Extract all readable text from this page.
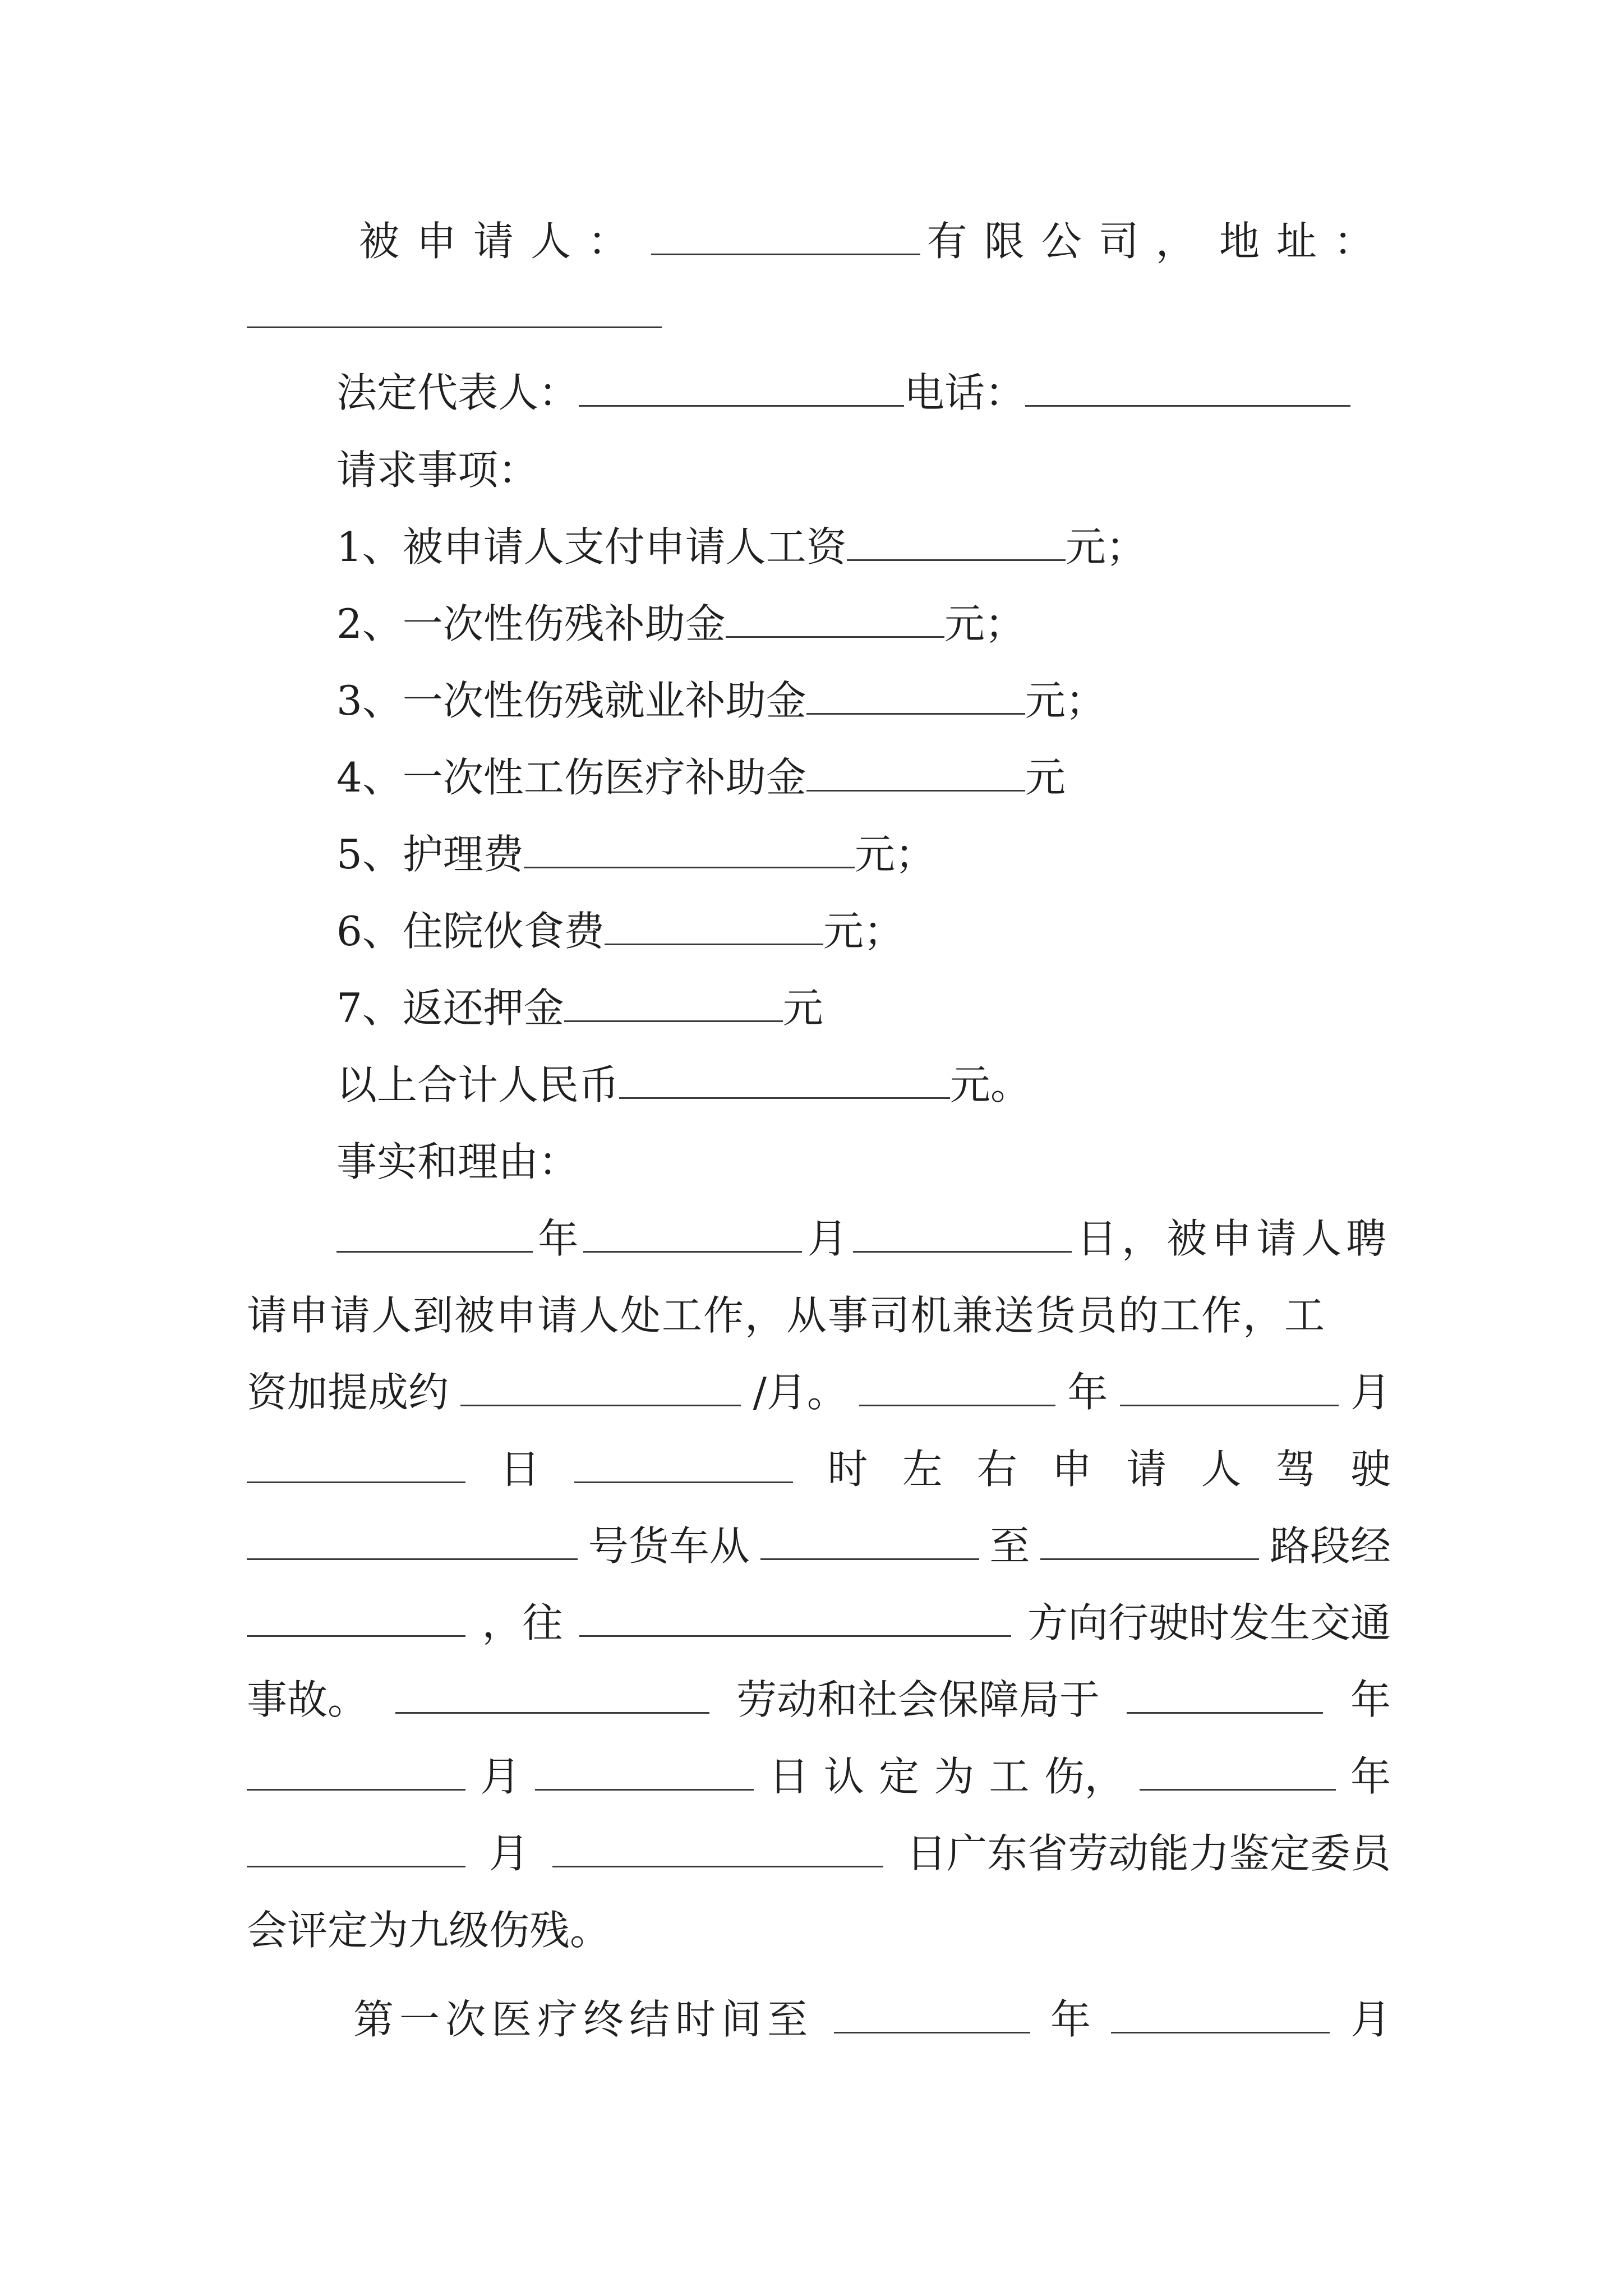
被申请人：	有限公司， 地址：
法定代表人：	电话：
请求事项：
1、被申请人支付申请人工资	元；
2、一次性伤残补助金	元；
3、一次性伤残就业补助金	元；
4、一次性工伤医疗补助金	元
5、护理费	元；
6、住院伙食费	元；
7、返还押金	元
以上合计人民币	元。
事实和理由：
年	月	日，被申请人聘
请申请人到被申请人处工作，从事司机兼送货员的工作，工
资加提成约	/月。	年	月
日	时 左 右 申 请 人 驾 驶
号货车从	至	路段经
，往	方向行驶时发生交通
事故。	劳动和社会保障局于	年
月	日 认 定 为 工 伤，	年
月	日广东省劳动能力鉴定委员
会评定为九级伤残。
第一次医疗终结时间至	年	月
